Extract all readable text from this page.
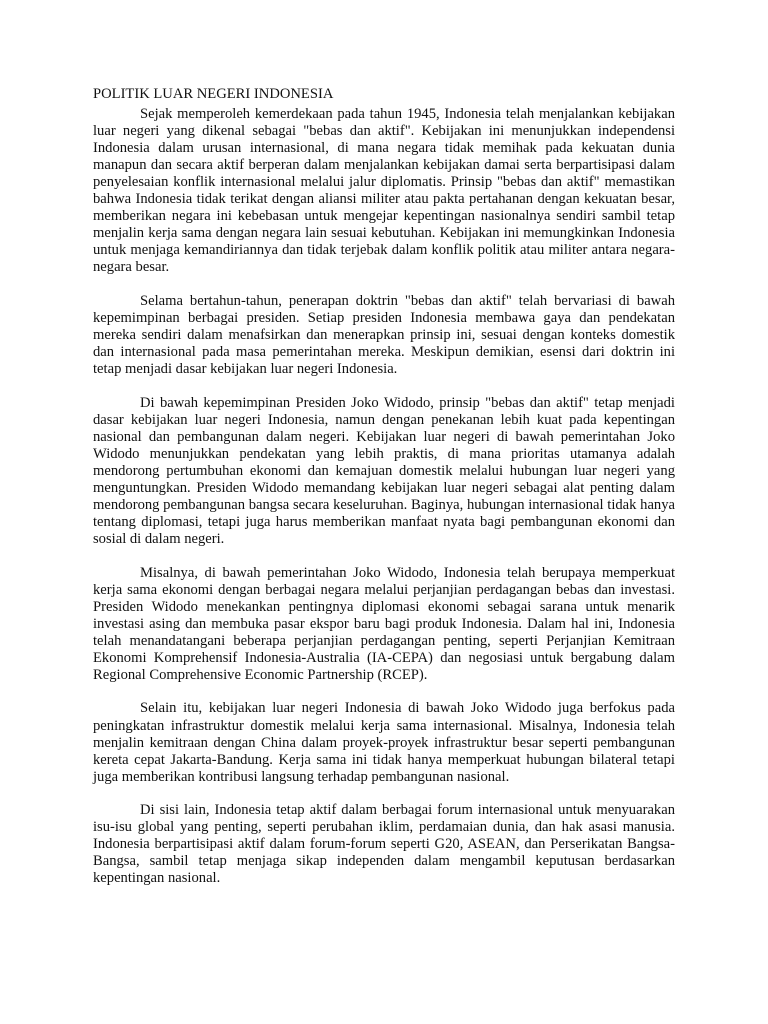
POLITIK LUAR NEGERI INDONESIA

Sejak memperoleh kemerdekaan pada tahun 1945, Indonesia telah menjalankan kebijakan luar negeri yang dikenal sebagai "bebas dan aktif". Kebijakan ini menunjukkan independensi Indonesia dalam urusan internasional, di mana negara tidak memihak pada kekuatan dunia manapun dan secara aktif berperan dalam menjalankan kebijakan damai serta berpartisipasi dalam penyelesaian konflik internasional melalui jalur diplomatis. Prinsip "bebas dan aktif" memastikan bahwa Indonesia tidak terikat dengan aliansi militer atau pakta pertahanan dengan kekuatan besar, memberikan negara ini kebebasan untuk mengejar kepentingan nasionalnya sendiri sambil tetap menjalin kerja sama dengan negara lain sesuai kebutuhan. Kebijakan ini memungkinkan Indonesia untuk menjaga kemandiriannya dan tidak terjebak dalam konflik politik atau militer antara negara-negara besar.

Selama bertahun-tahun, penerapan doktrin "bebas dan aktif" telah bervariasi di bawah kepemimpinan berbagai presiden. Setiap presiden Indonesia membawa gaya dan pendekatan mereka sendiri dalam menafsirkan dan menerapkan prinsip ini, sesuai dengan konteks domestik dan internasional pada masa pemerintahan mereka. Meskipun demikian, esensi dari doktrin ini tetap menjadi dasar kebijakan luar negeri Indonesia.

Di bawah kepemimpinan Presiden Joko Widodo, prinsip "bebas dan aktif" tetap menjadi dasar kebijakan luar negeri Indonesia, namun dengan penekanan lebih kuat pada kepentingan nasional dan pembangunan dalam negeri. Kebijakan luar negeri di bawah pemerintahan Joko Widodo menunjukkan pendekatan yang lebih praktis, di mana prioritas utamanya adalah mendorong pertumbuhan ekonomi dan kemajuan domestik melalui hubungan luar negeri yang menguntungkan. Presiden Widodo memandang kebijakan luar negeri sebagai alat penting dalam mendorong pembangunan bangsa secara keseluruhan. Baginya, hubungan internasional tidak hanya tentang diplomasi, tetapi juga harus memberikan manfaat nyata bagi pembangunan ekonomi dan sosial di dalam negeri.

Misalnya, di bawah pemerintahan Joko Widodo, Indonesia telah berupaya memperkuat kerja sama ekonomi dengan berbagai negara melalui perjanjian perdagangan bebas dan investasi. Presiden Widodo menekankan pentingnya diplomasi ekonomi sebagai sarana untuk menarik investasi asing dan membuka pasar ekspor baru bagi produk Indonesia. Dalam hal ini, Indonesia telah menandatangani beberapa perjanjian perdagangan penting, seperti Perjanjian Kemitraan Ekonomi Komprehensif Indonesia-Australia (IA-CEPA) dan negosiasi untuk bergabung dalam Regional Comprehensive Economic Partnership (RCEP).

Selain itu, kebijakan luar negeri Indonesia di bawah Joko Widodo juga berfokus pada peningkatan infrastruktur domestik melalui kerja sama internasional. Misalnya, Indonesia telah menjalin kemitraan dengan China dalam proyek-proyek infrastruktur besar seperti pembangunan kereta cepat Jakarta-Bandung. Kerja sama ini tidak hanya memperkuat hubungan bilateral tetapi juga memberikan kontribusi langsung terhadap pembangunan nasional.

Di sisi lain, Indonesia tetap aktif dalam berbagai forum internasional untuk menyuarakan isu-isu global yang penting, seperti perubahan iklim, perdamaian dunia, dan hak asasi manusia. Indonesia berpartisipasi aktif dalam forum-forum seperti G20, ASEAN, dan Perserikatan Bangsa-Bangsa, sambil tetap menjaga sikap independen dalam mengambil keputusan berdasarkan kepentingan nasional.
